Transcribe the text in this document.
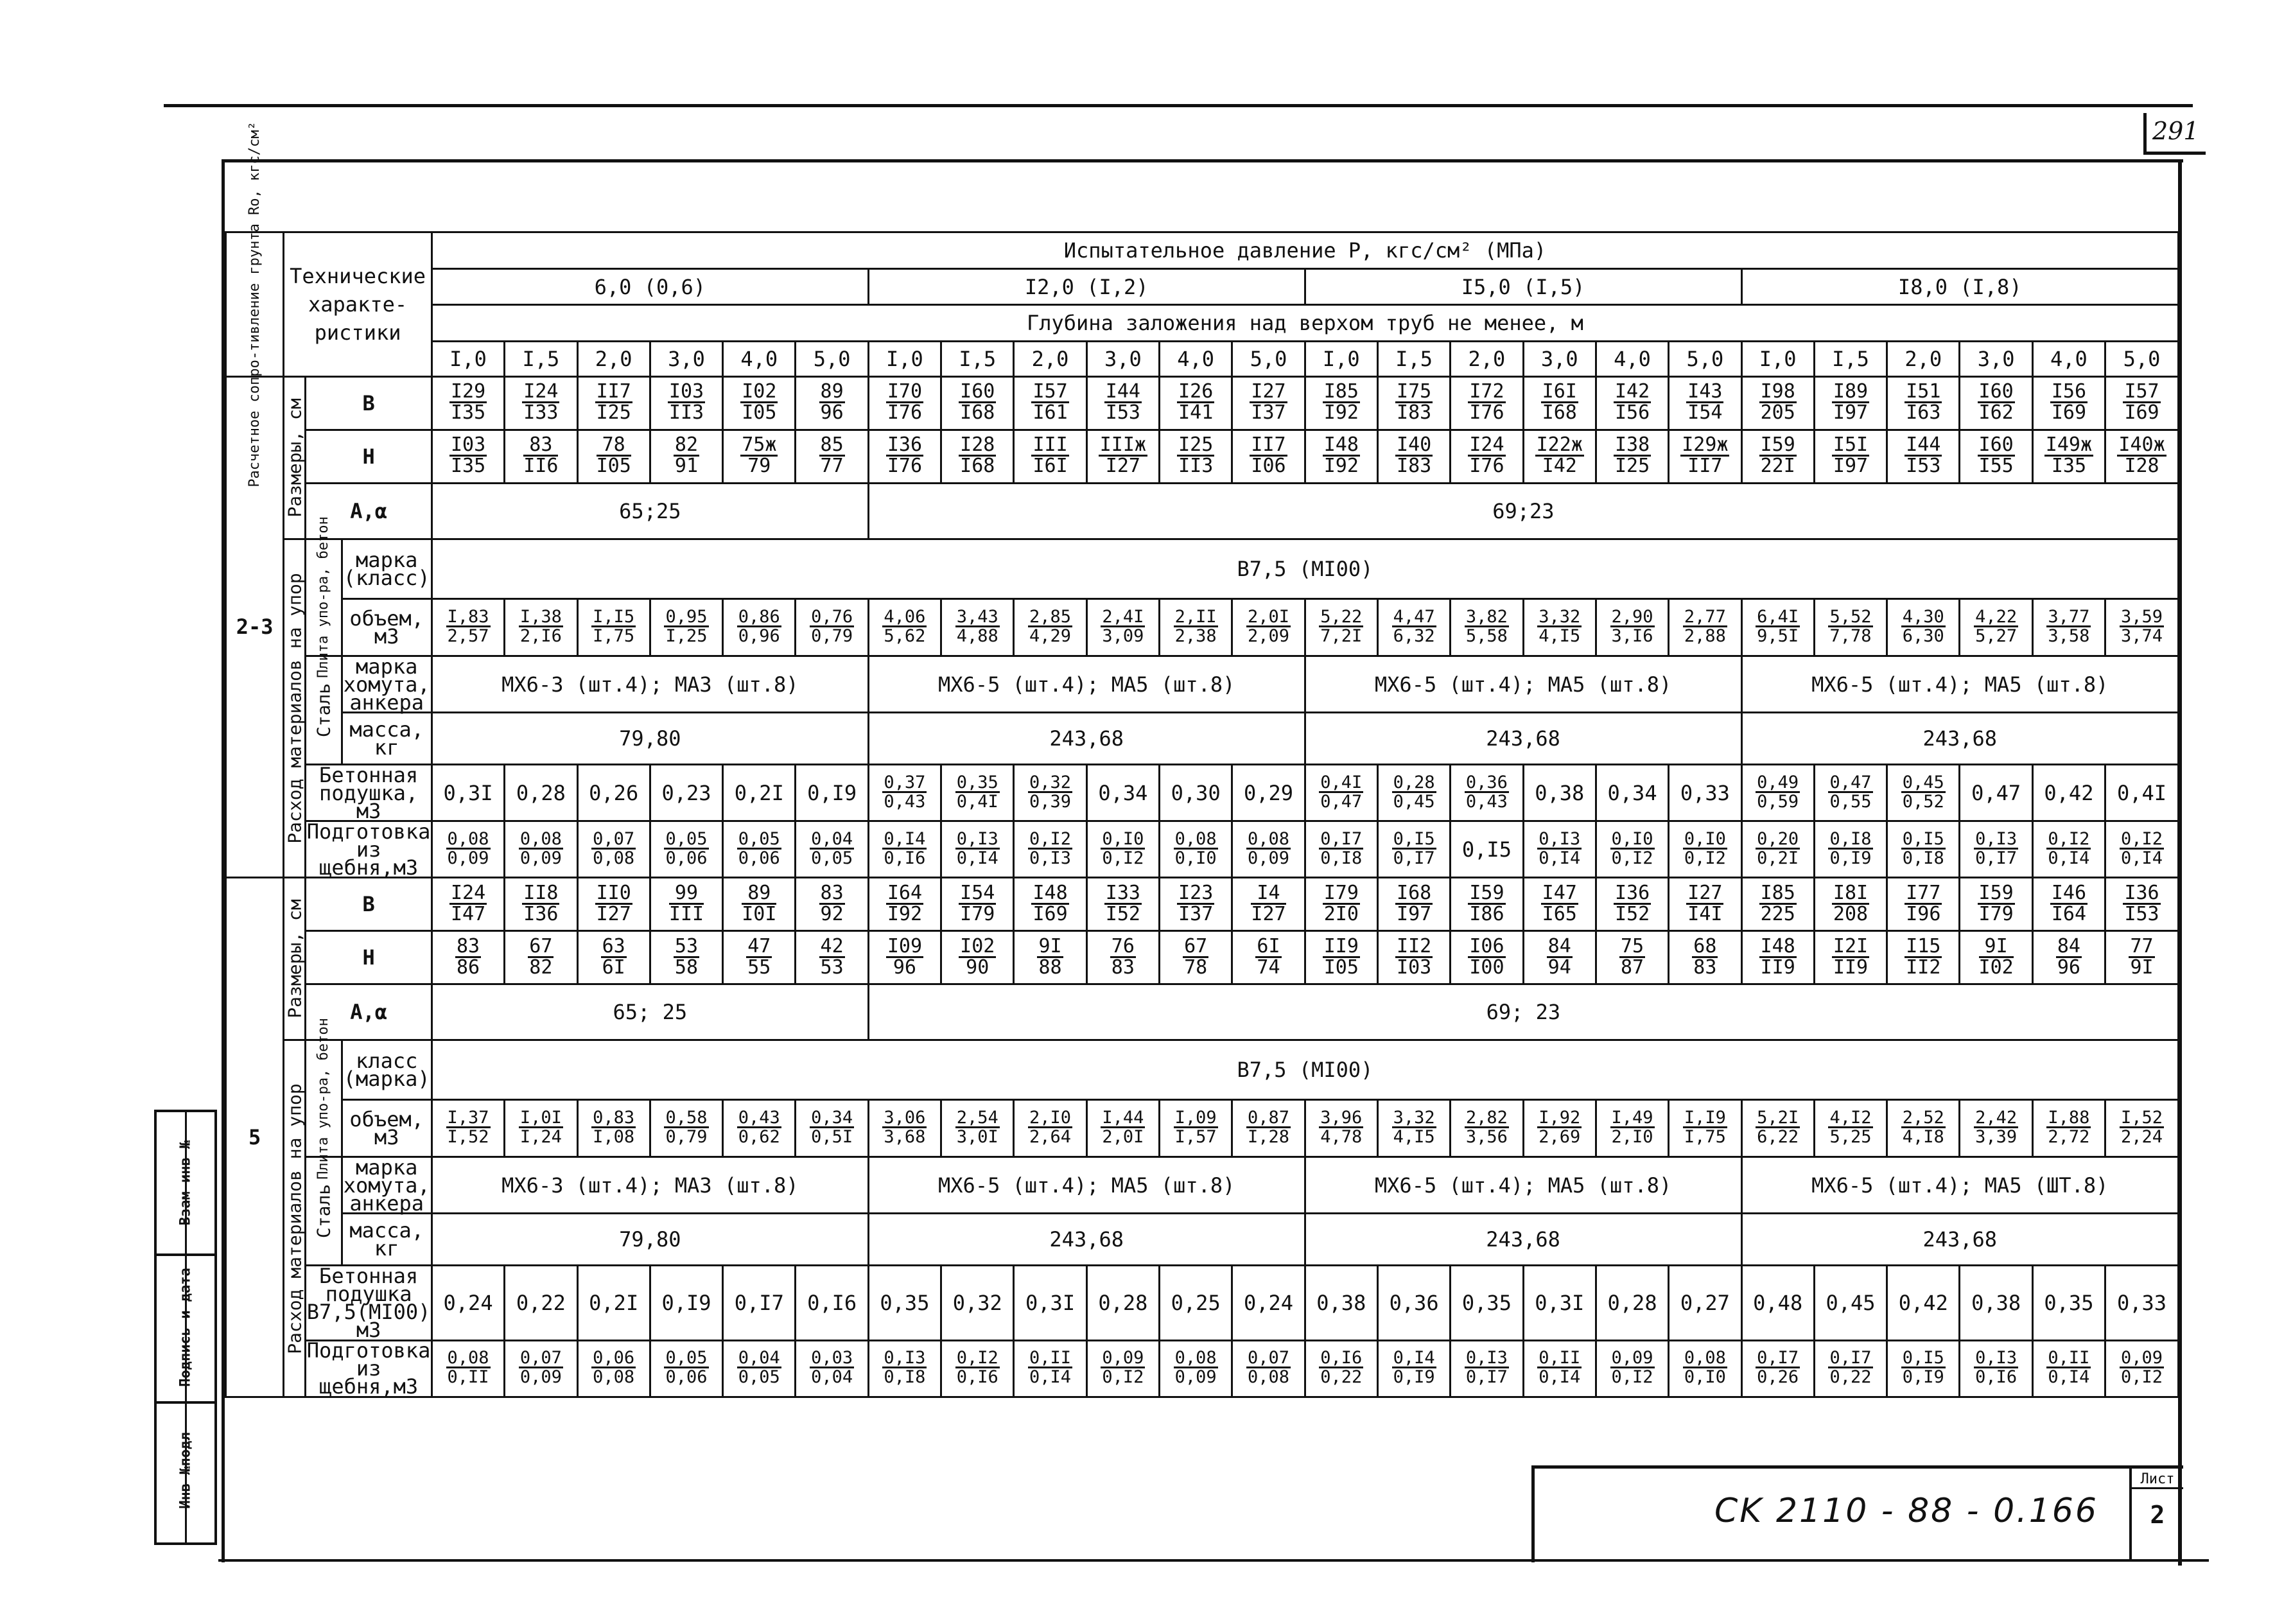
291
Взам инв №
Подпись и дата
Инв №подл
Расчетное сопро-тивление грунта Ro, кгс/см²	Технические характе-ристики			Испытательное давление P, кгс/см² (МПа)																							
				6,0 (0,6)						I2,0 (I,2)						I5,0 (I,5)						I8,0 (I,8)					
				Глубина заложения над верхом труб не менее, м																							
				I,0	I,5	2,0	3,0	4,0	5,0	I,0	I,5	2,0	3,0	4,0	5,0	I,0	I,5	2,0	3,0	4,0	5,0	I,0	I,5	2,0	3,0	4,0	5,0
2-3	Размеры, см	B		$\frac{I29}{I35}$	$\frac{I24}{I33}$	$\frac{II7}{I25}$	$\frac{I03}{II3}$	$\frac{I02}{I05}$	$\frac{89}{96}$	$\frac{I70}{I76}$	$\frac{I60}{I68}$	$\frac{I57}{I61}$	$\frac{I44}{I53}$	$\frac{I26}{I41}$	$\frac{I27}{I37}$	$\frac{I85}{I92}$	$\frac{I75}{I83}$	$\frac{I72}{I76}$	$\frac{I6I}{I68}$	$\frac{I42}{I56}$	$\frac{I43}{I54}$	$\frac{I98}{205}$	$\frac{I89}{I97}$	$\frac{I51}{I63}$	$\frac{I60}{I62}$	$\frac{I56}{I69}$	$\frac{I57}{I69}$

		H		$\frac{I03}{I35}$	$\frac{83}{II6}$	$\frac{78}{I05}$	$\frac{82}{91}$	$\frac{75ж}{79}$	$\frac{85}{77}$	$\frac{I36}{I76}$	$\frac{I28}{I68}$	$\frac{\text{III}}{I6I}$	$\frac{\text{IIIж}}{I27}$	$\frac{I25}{II3}$	$\frac{II7}{I06}$	$\frac{I48}{I92}$	$\frac{I40}{I83}$	$\frac{I24}{I76}$	$\frac{I22ж}{I42}$	$\frac{I38}{I25}$	$\frac{I29ж}{II7}$	$\frac{I59}{22I}$	$\frac{I5I}{I97}$	$\frac{I44}{I53}$	$\frac{I60}{I55}$	$\frac{I49ж}{I35}$	$\frac{I40ж}{I28}$

		A,α		65;25						69;23																	

	Расход материалов на упор	Плита упо-ра, бетон	марка (класс)	B7,5 (MI00)																							
			объем, м3	$\frac{I,83}{2,57}$	$\frac{I,38}{2,I6}$	$\frac{I,I5}{I,75}$	$\frac{0,95}{I,25}$	$\frac{0,86}{0,96}$	$\frac{0,76}{0,79}$	$\frac{4,06}{5,62}$	$\frac{3,43}{4,88}$	$\frac{2,85}{4,29}$	$\frac{2,4I}{3,09}$	$\frac{2,II}{2,38}$	$\frac{2,0I}{2,09}$	$\frac{5,22}{7,2I}$	$\frac{4,47}{6,32}$	$\frac{3,82}{5,58}$	$\frac{3,32}{4,I5}$	$\frac{2,90}{3,I6}$	$\frac{2,77}{2,88}$	$\frac{6,4I}{9,5I}$	$\frac{5,52}{7,78}$	$\frac{4,30}{6,30}$	$\frac{4,22}{5,27}$	$\frac{3,77}{3,58}$	$\frac{3,59}{3,74}$

		Сталь	марка хомута, анкера	MX6-3 (шт.4); MA3 (шт.8)						MX6-5 (шт.4); MA5 (шт.8)						MX6-5 (шт.4); MA5 (шт.8)						MX6-5 (шт.4); MA5 (шт.8)					
			масса, кг	79,80						243,68						243,68						243,68					
		Бетонная подушка, м3		0,3I	0,28	0,26	0,23	0,2I	0,I9	$\frac{0,37}{0,43}$	$\frac{0,35}{0,4I}$	$\frac{0,32}{0,39}$	0,34	0,30	0,29	$\frac{0,4I}{0,47}$	$\frac{0,28}{0,45}$	$\frac{0,36}{0,43}$	0,38	0,34	0,33	$\frac{0,49}{0,59}$	$\frac{0,47}{0,55}$	$\frac{0,45}{0,52}$	0,47	0,42	0,4I
		Подготовка из щебня,м3		$\frac{0,08}{0,09}$	$\frac{0,08}{0,09}$	$\frac{0,07}{0,08}$	$\frac{0,05}{0,06}$	$\frac{0,05}{0,06}$	$\frac{0,04}{0,05}$	$\frac{0,I4}{0,I6}$	$\frac{0,I3}{0,I4}$	$\frac{0,I2}{0,I3}$	$\frac{0,I0}{0,I2}$	$\frac{0,08}{0,I0}$	$\frac{0,08}{0,09}$	$\frac{0,I7}{0,I8}$	$\frac{0,I5}{0,I7}$	0,I5	$\frac{0,I3}{0,I4}$	$\frac{0,I0}{0,I2}$	$\frac{0,I0}{0,I2}$	$\frac{0,20}{0,2I}$	$\frac{0,I8}{0,I9}$	$\frac{0,I5}{0,I8}$	$\frac{0,I3}{0,I7}$	$\frac{0,I2}{0,I4}$	$\frac{0,I2}{0,I4}$

5	Размеры, см	B		$\frac{I24}{I47}$	$\frac{II8}{I36}$	$\frac{II0}{I27}$	$\frac{99}{\text{III}}$	$\frac{89}{I0I}$	$\frac{83}{92}$	$\frac{I64}{I92}$	$\frac{I54}{I79}$	$\frac{I48}{I69}$	$\frac{I33}{I52}$	$\frac{I23}{I37}$	$\frac{I4}{I27}$	$\frac{I79}{2I0}$	$\frac{I68}{I97}$	$\frac{I59}{I86}$	$\frac{I47}{I65}$	$\frac{I36}{I52}$	$\frac{I27}{I4I}$	$\frac{I85}{225}$	$\frac{I8I}{208}$	$\frac{I77}{I96}$	$\frac{I59}{I79}$	$\frac{I46}{I64}$	$\frac{I36}{I53}$

		H		$\frac{83}{86}$	$\frac{67}{82}$	$\frac{63}{6I}$	$\frac{53}{58}$	$\frac{47}{55}$	$\frac{42}{53}$	$\frac{I09}{96}$	$\frac{I02}{90}$	$\frac{9I}{88}$	$\frac{76}{83}$	$\frac{67}{78}$	$\frac{6I}{74}$	$\frac{II9}{I05}$	$\frac{II2}{I03}$	$\frac{I06}{I00}$	$\frac{84}{94}$	$\frac{75}{87}$	$\frac{68}{83}$	$\frac{I48}{II9}$	$\frac{I2I}{II9}$	$\frac{I15}{II2}$	$\frac{9I}{I02}$	$\frac{84}{96}$	$\frac{77}{9I}$

		A,α		65; 25						69; 23																	

	Расход материалов на упор	Плита упо-ра, бетон	класс (марка)	B7,5 (MI00)																							
			объем, м3	$\frac{I,37}{I,52}$	$\frac{I,0I}{I,24}$	$\frac{0,83}{I,08}$	$\frac{0,58}{0,79}$	$\frac{0,43}{0,62}$	$\frac{0,34}{0,5I}$	$\frac{3,06}{3,68}$	$\frac{2,54}{3,0I}$	$\frac{2,I0}{2,64}$	$\frac{I,44}{2,0I}$	$\frac{I,09}{I,57}$	$\frac{0,87}{I,28}$	$\frac{3,96}{4,78}$	$\frac{3,32}{4,I5}$	$\frac{2,82}{3,56}$	$\frac{I,92}{2,69}$	$\frac{I,49}{2,I0}$	$\frac{I,I9}{I,75}$	$\frac{5,2I}{6,22}$	$\frac{4,I2}{5,25}$	$\frac{2,52}{4,I8}$	$\frac{2,42}{3,39}$	$\frac{I,88}{2,72}$	$\frac{I,52}{2,24}$

		Сталь	марка хомута, анкера	MX6-3 (шт.4); MA3 (шт.8)						MX6-5 (шт.4); MA5 (шт.8)						MX6-5 (шт.4); MA5 (шт.8)						MX6-5 (шт.4); MA5 (ШТ.8)					
			масса, кг	79,80						243,68						243,68						243,68					
		Бетонная подушка B7,5(MI00) м3		0,24	0,22	0,2I	0,I9	0,I7	0,I6	0,35	0,32	0,3I	0,28	0,25	0,24	0,38	0,36	0,35	0,3I	0,28	0,27	0,48	0,45	0,42	0,38	0,35	0,33
		Подготовка из щебня,м3		$\frac{0,08}{0,II}$	$\frac{0,07}{0,09}$	$\frac{0,06}{0,08}$	$\frac{0,05}{0,06}$	$\frac{0,04}{0,05}$	$\frac{0,03}{0,04}$	$\frac{0,I3}{0,I8}$	$\frac{0,I2}{0,I6}$	$\frac{0,II}{0,I4}$	$\frac{0,09}{0,I2}$	$\frac{0,08}{0,09}$	$\frac{0,07}{0,08}$	$\frac{0,I6}{0,22}$	$\frac{0,I4}{0,I9}$	$\frac{0,I3}{0,I7}$	$\frac{0,II}{0,I4}$	$\frac{0,09}{0,I2}$	$\frac{0,08}{0,I0}$	$\frac{0,I7}{0,26}$	$\frac{0,I7}{0,22}$	$\frac{0,I5}{0,I9}$	$\frac{0,I3}{0,I6}$	$\frac{0,II}{0,I4}$	$\frac{0,09}{0,I2}$
CK 2110 - 88 - 0.166
Лист
2
